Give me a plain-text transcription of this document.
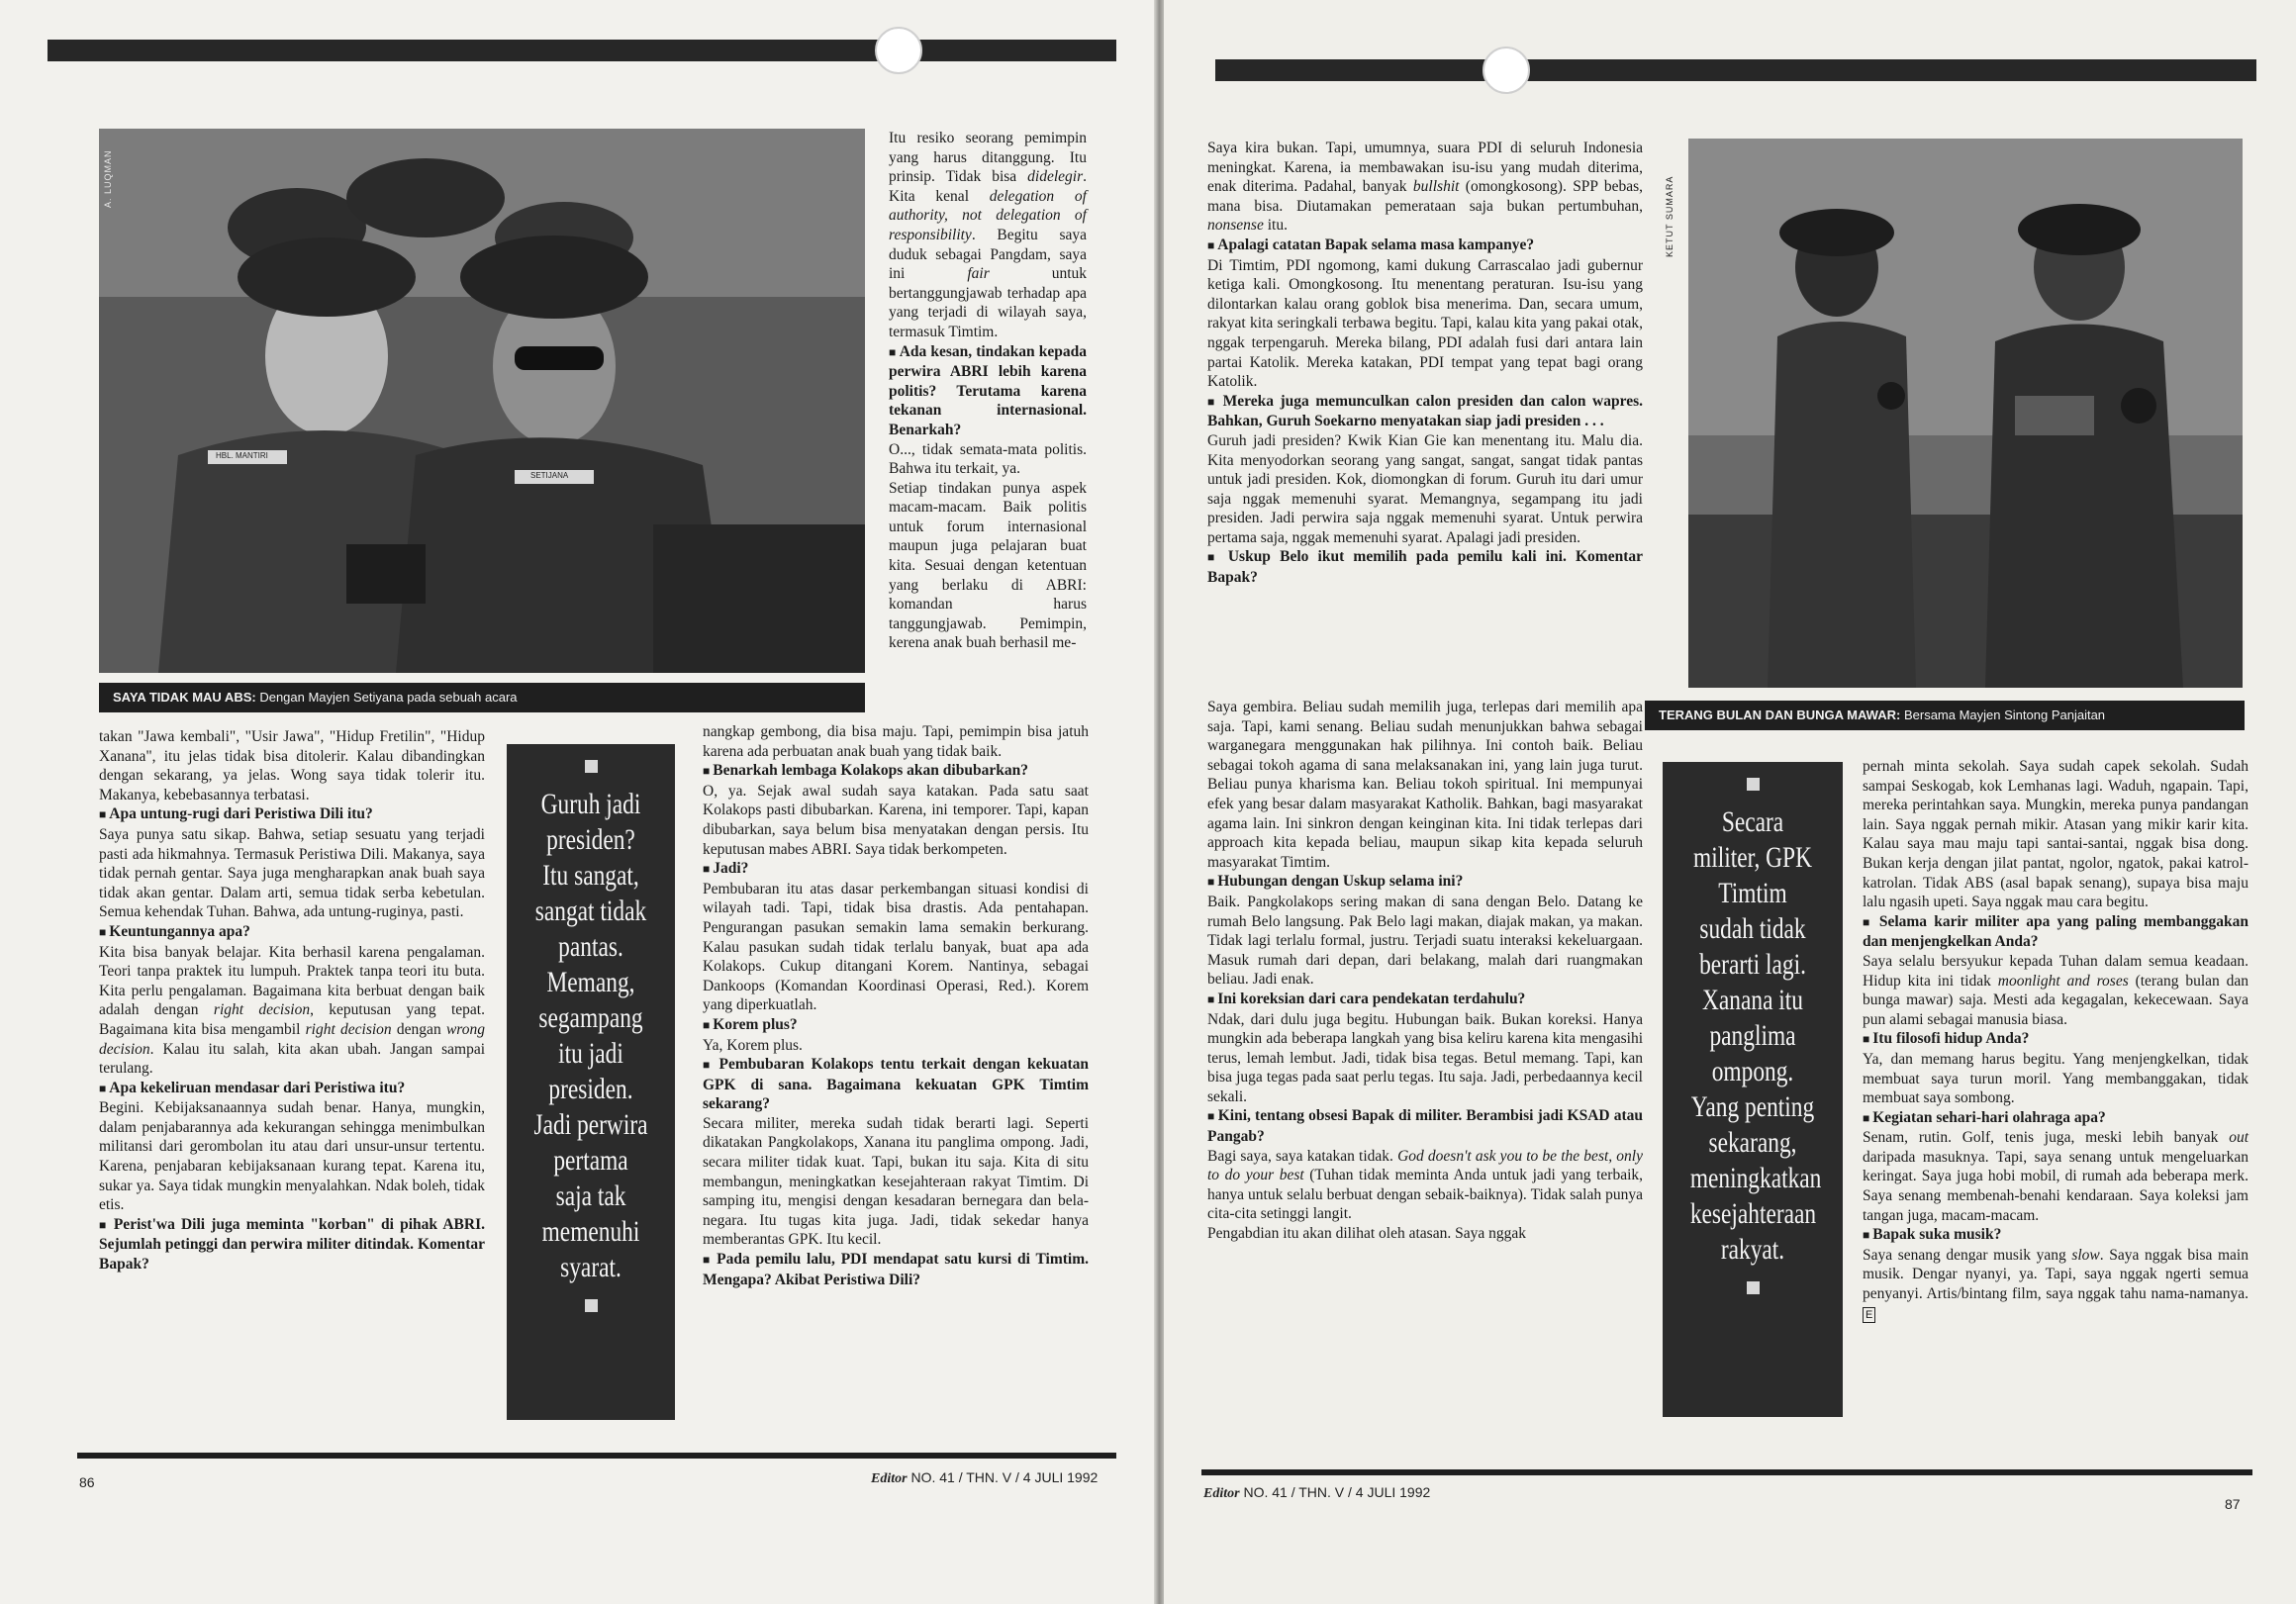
HBL. MANTIRI
SETIJANA
A. LUQMAN
SAYA TIDAK MAU ABS: Dengan Mayjen Setiyana pada sebuah acara

takan "Jawa kembali", "Usir Jawa", "Hidup Fretilin", "Hidup Xanana", itu jelas tidak bisa ditolerir. Kalau dibandingkan dengan sekarang, ya jelas. Wong saya tidak tolerir itu. Makanya, kebebasannya terbatasi.

■ Apa untung-rugi dari Peristiwa Dili itu?

Saya punya satu sikap. Bahwa, setiap sesuatu yang terjadi pasti ada hikmahnya. Termasuk Peristiwa Dili. Makanya, saya tidak pernah gentar. Saya juga mengharapkan anak buah saya tidak akan gentar. Dalam arti, semua tidak serba kebetulan. Semua kehendak Tuhan. Bahwa, ada untung-ruginya, pasti.

■ Keuntungannya apa?

Kita bisa banyak belajar. Kita berhasil karena pengalaman. Teori tanpa praktek itu lumpuh. Praktek tanpa teori itu buta. Kita perlu pengalaman. Bagaimana kita berbuat dengan baik adalah dengan right decision, keputusan yang tepat. Bagaimana kita bisa mengambil right decision dengan wrong decision. Kalau itu salah, kita akan ubah. Jangan sampai terulang.

■ Apa kekeliruan mendasar dari Peristiwa itu?

Begini. Kebijaksanaannya sudah benar. Hanya, mungkin, dalam penjabarannya ada kekurangan sehingga menimbulkan militansi dari gerombolan itu atau dari unsur-unsur tertentu. Karena, penjabaran kebijaksanaan kurang tepat. Karena itu, sukar ya. Saya tidak mungkin menyalahkan. Ndak boleh, tidak etis.

■ Perist'wa Dili juga meminta "korban" di pihak ABRI. Sejumlah petinggi dan perwira militer ditindak. Komentar Bapak?

Guruh jadi presiden? Itu sangat, sangat tidak pantas. Memang, segampang itu jadi presiden. Jadi perwira pertama saja tak memenuhi syarat.

Itu resiko seorang pemimpin yang harus ditanggung. Itu prinsip. Tidak bisa didelegir. Kita kenal delegation of authority, not delegation of responsibility. Begitu saya duduk sebagai Pangdam, saya ini fair untuk bertanggungjawab terhadap apa yang terjadi di wilayah saya, termasuk Timtim.

■ Ada kesan, tindakan kepada perwira ABRI lebih karena politis? Terutama karena tekanan internasional. Benarkah?

O..., tidak semata-mata politis. Bahwa itu terkait, ya.

Setiap tindakan punya aspek macam-macam. Baik politis untuk forum internasional maupun juga pelajaran buat kita. Sesuai dengan ketentuan yang berlaku di ABRI: komandan harus tanggungjawab. Pemimpin, kerena anak buah berhasil me-

nangkap gembong, dia bisa maju. Tapi, pemimpin bisa jatuh karena ada perbuatan anak buah yang tidak baik.

■ Benarkah lembaga Kolakops akan dibubarkan?

O, ya. Sejak awal sudah saya katakan. Pada satu saat Kolakops pasti dibubarkan. Karena, ini temporer. Tapi, kapan dibubarkan, saya belum bisa menyatakan dengan persis. Itu keputusan mabes ABRI. Saya tidak berkompeten.

■ Jadi?

Pembubaran itu atas dasar perkembangan situasi kondisi di wilayah tadi. Tapi, tidak bisa drastis. Ada pentahapan. Pengurangan pasukan semakin lama semakin berkurang. Kalau pasukan sudah tidak terlalu banyak, buat apa ada Kolakops. Cukup ditangani Korem. Nantinya, sebagai Dankoops (Komandan Koordinasi Operasi, Red.). Korem yang diperkuatlah.

■ Korem plus?

Ya, Korem plus.

■ Pembubaran Kolakops tentu terkait dengan kekuatan GPK di sana. Bagaimana kekuatan GPK Timtim sekarang?

Secara militer, mereka sudah tidak berarti lagi. Seperti dikatakan Pangkolakops, Xanana itu panglima ompong. Jadi, secara militer tidak kuat. Tapi, bukan itu saja. Kita di situ membangun, meningkatkan kesejahteraan rakyat Timtim. Di samping itu, mengisi dengan kesadaran bernegara dan bela-negara. Itu tugas kita juga. Jadi, tidak sekedar hanya memberantas GPK. Itu kecil.

■ Pada pemilu lalu, PDI mendapat satu kursi di Timtim. Mengapa? Akibat Peristiwa Dili?

86	Editor NO. 41 / THN. V / 4 JULI 1992

Saya kira bukan. Tapi, umumnya, suara PDI di seluruh Indonesia meningkat. Karena, ia membawakan isu-isu yang mudah diterima, enak diterima. Padahal, banyak bullshit (omongkosong). SPP bebas, mana bisa. Diutamakan pemerataan saja bukan pertumbuhan, nonsense itu.

■ Apalagi catatan Bapak selama masa kampanye?

Di Timtim, PDI ngomong, kami dukung Carrascalao jadi gubernur ketiga kali. Omongkosong. Itu menentang peraturan. Isu-isu yang dilontarkan kalau orang goblok bisa menerima. Dan, secara umum, rakyat kita seringkali terbawa begitu. Tapi, kalau kita yang pakai otak, nggak terpengaruh. Mereka bilang, PDI adalah fusi dari antara lain partai Katolik. Mereka katakan, PDI tempat yang tepat bagi orang Katolik.

■ Mereka juga memunculkan calon presiden dan calon wapres. Bahkan, Guruh Soekarno menyatakan siap jadi presiden . . .

Guruh jadi presiden? Kwik Kian Gie kan menentang itu. Malu dia. Kita menyodorkan seorang yang sangat, sangat, sangat tidak pantas untuk jadi presiden. Kok, diomongkan di forum. Guruh itu dari umur saja nggak memenuhi syarat. Memangnya, segampang itu jadi presiden. Jadi perwira saja nggak memenuhi syarat. Untuk perwira pertama saja, nggak memenuhi syarat. Apalagi jadi presiden.

■ Uskup Belo ikut memilih pada pemilu kali ini. Komentar Bapak?

KETUT SUMARA
TERANG BULAN DAN BUNGA MAWAR: Bersama Mayjen Sintong Panjaitan

Saya gembira. Beliau sudah memilih juga, terlepas dari memilih apa saja. Tapi, kami senang. Beliau sudah menunjukkan bahwa sebagai warganegara menggunakan hak pilihnya. Ini contoh baik. Beliau sebagai tokoh agama di sana melaksanakan ini, yang lain juga turut. Beliau punya kharisma kan. Beliau tokoh spiritual. Ini mempunyai efek yang besar dalam masyarakat Katholik. Bahkan, bagi masyarakat agama lain. Ini sinkron dengan keinginan kita. Ini tidak terlepas dari approach kita kepada beliau, maupun sikap kita kepada seluruh masyarakat Timtim.

■ Hubungan dengan Uskup selama ini?

Baik. Pangkolakops sering makan di sana dengan Belo. Datang ke rumah Belo langsung. Pak Belo lagi makan, diajak makan, ya makan. Tidak lagi terlalu formal, justru. Terjadi suatu interaksi kekeluargaan. Masuk rumah dari depan, dari belakang, malah dari ruangmakan beliau. Jadi enak.

■ Ini koreksian dari cara pendekatan terdahulu?

Ndak, dari dulu juga begitu. Hubungan baik. Bukan koreksi. Hanya mungkin ada beberapa langkah yang bisa keliru karena kita mengasihi terus, lemah lembut. Jadi, tidak bisa tegas. Betul memang. Tapi, kan bisa juga tegas pada saat perlu tegas. Itu saja. Jadi, perbedaannya kecil sekali.

■ Kini, tentang obsesi Bapak di militer. Berambisi jadi KSAD atau Pangab?

Bagi saya, saya katakan tidak. God doesn't ask you to be the best, only to do your best (Tuhan tidak meminta Anda untuk jadi yang terbaik, hanya untuk selalu berbuat dengan sebaik-baiknya). Tidak salah punya cita-cita setinggi langit.

Pengabdian itu akan dilihat oleh atasan. Saya nggak

Secara militer, GPK Timtim sudah tidak berarti lagi. Xanana itu panglima ompong. Yang penting sekarang, meningkatkan kesejahteraan rakyat.

pernah minta sekolah. Saya sudah capek sekolah. Sudah sampai Seskogab, kok Lemhanas lagi. Waduh, ngapain. Tapi, mereka perintahkan saya. Mungkin, mereka punya pandangan lain. Saya nggak pernah mikir. Atasan yang mikir karir kita. Kalau saya mau maju tapi santai-santai, nggak bisa dong. Bukan kerja dengan jilat pantat, ngolor, ngatok, pakai katrol-katrolan. Tidak ABS (asal bapak senang), supaya bisa maju lalu ngasih upeti. Saya nggak mau cara begitu.

■ Selama karir militer apa yang paling membanggakan dan menjengkelkan Anda?

Saya selalu bersyukur kepada Tuhan dalam semua keadaan. Hidup kita ini tidak moonlight and roses (terang bulan dan bunga mawar) saja. Mesti ada kegagalan, kekecewaan. Saya pun alami sebagai manusia biasa.

■ Itu filosofi hidup Anda?

Ya, dan memang harus begitu. Yang menjengkelkan, tidak membuat saya turun moril. Yang membanggakan, tidak membuat saya sombong.

■ Kegiatan sehari-hari olahraga apa?

Senam, rutin. Golf, tenis juga, meski lebih banyak out daripada masuknya. Tapi, saya senang untuk mengeluarkan keringat. Saya juga hobi mobil, di rumah ada beberapa merk. Saya senang membenah-benahi kendaraan. Saya koleksi jam tangan juga, macam-macam.

■ Bapak suka musik?

Saya senang dengar musik yang slow. Saya nggak bisa main musik. Dengar nyanyi, ya. Tapi, saya nggak ngerti semua penyanyi. Artis/bintang film, saya nggak tahu nama-namanya. E

Editor NO. 41 / THN. V / 4 JULI 1992
87
